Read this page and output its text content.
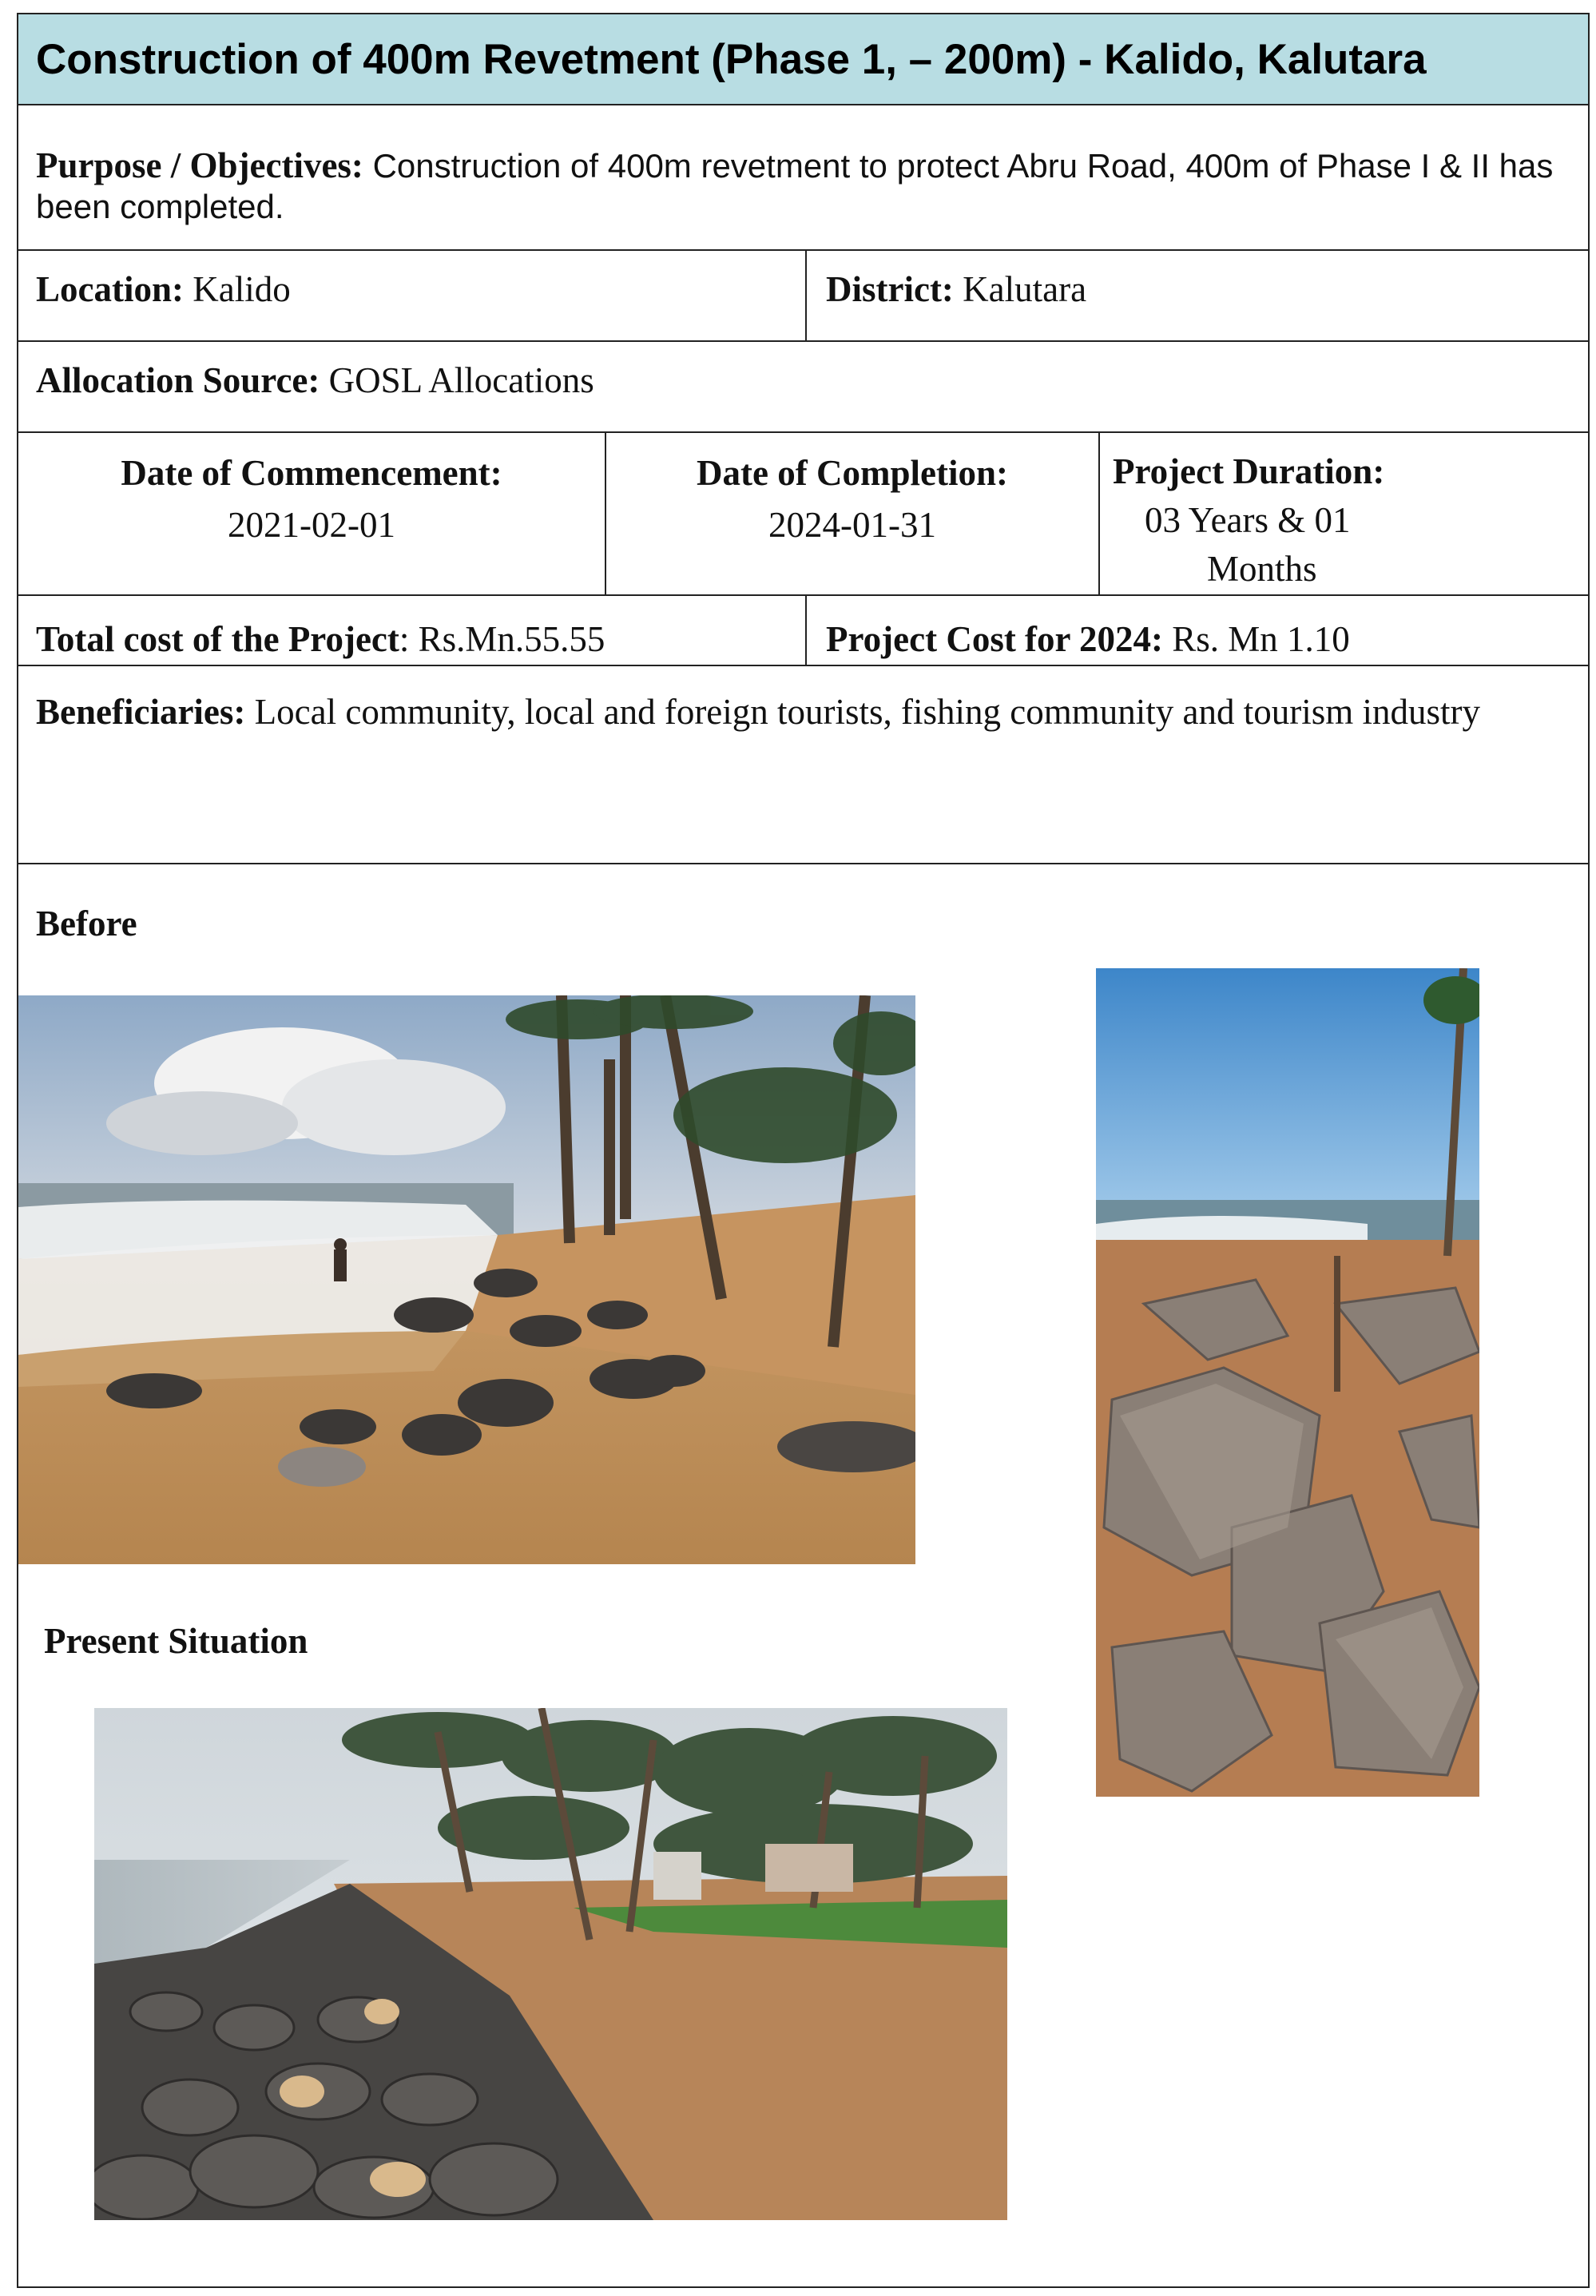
Construction of 400m Revetment (Phase 1, – 200m) - Kalido, Kalutara
Purpose / Objectives: Construction of 400m revetment to protect Abru Road, 400m of Phase I & II has been completed.
Location: Kalido	District: Kalutara
Allocation Source: GOSL Allocations
Date of Commencement:
2021-02-01
Date of Completion:
2024-01-31
Project Duration:
03 Years & 01
Months
Total cost of the Project: Rs.Mn.55.55	Project Cost for 2024: Rs. Mn 1.10
Beneficiaries: Local community, local and foreign tourists, fishing community and tourism industry
Before
Present Situation
